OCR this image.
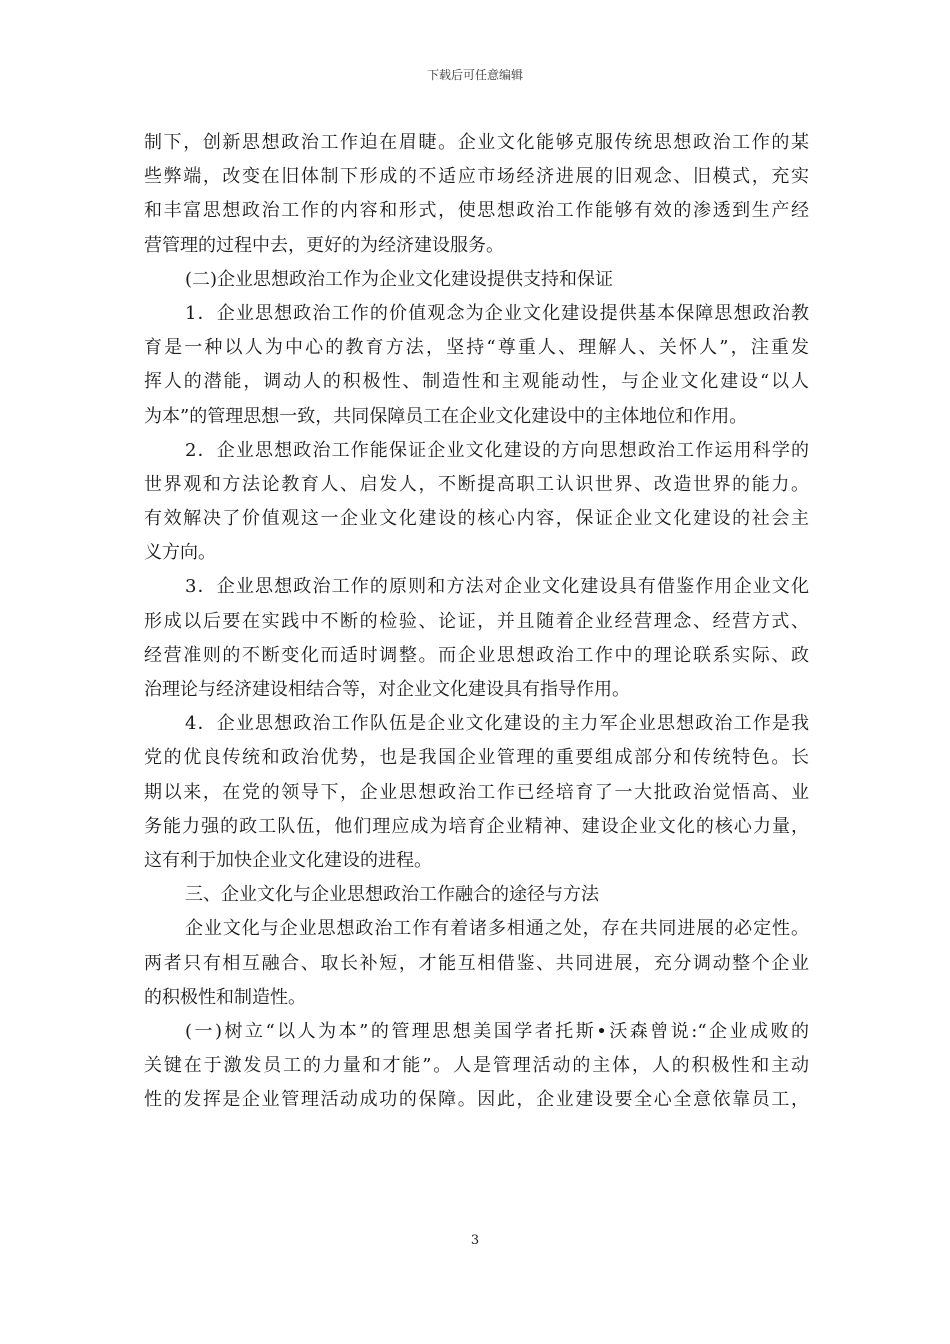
下载后可任意编辑
制下，创新思想政治工作迫在眉睫。企业文化能够克服传统思想政治工作的某
些弊端，改变在旧体制下形成的不适应市场经济进展的旧观念、旧模式，充实
和丰富思想政治工作的内容和形式，使思想政治工作能够有效的渗透到生产经
营管理的过程中去，更好的为经济建设服务。
(二)企业思想政治工作为企业文化建设提供支持和保证
1．企业思想政治工作的价值观念为企业文化建设提供基本保障思想政治教
育是一种以人为中心的教育方法，坚持“尊重人、理解人、关怀人”，注重发
挥人的潜能，调动人的积极性、制造性和主观能动性，与企业文化建设“以人
为本”的管理思想一致，共同保障员工在企业文化建设中的主体地位和作用。
2．企业思想政治工作能保证企业文化建设的方向思想政治工作运用科学的
世界观和方法论教育人、启发人，不断提高职工认识世界、改造世界的能力。
有效解决了价值观这一企业文化建设的核心内容，保证企业文化建设的社会主
义方向。
3．企业思想政治工作的原则和方法对企业文化建设具有借鉴作用企业文化
形成以后要在实践中不断的检验、论证，并且随着企业经营理念、经营方式、
经营准则的不断变化而适时调整。而企业思想政治工作中的理论联系实际、政
治理论与经济建设相结合等，对企业文化建设具有指导作用。
4．企业思想政治工作队伍是企业文化建设的主力军企业思想政治工作是我
党的优良传统和政治优势，也是我国企业管理的重要组成部分和传统特色。长
期以来，在党的领导下，企业思想政治工作已经培育了一大批政治觉悟高、业
务能力强的政工队伍，他们理应成为培育企业精神、建设企业文化的核心力量，
这有利于加快企业文化建设的进程。
三、企业文化与企业思想政治工作融合的途径与方法
企业文化与企业思想政治工作有着诸多相通之处，存在共同进展的必定性。
两者只有相互融合、取长补短，才能互相借鉴、共同进展，充分调动整个企业
的积极性和制造性。
(一)树立“以人为本”的管理思想美国学者托斯•沃森曾说:“企业成败的
关键在于激发员工的力量和才能”。人是管理活动的主体，人的积极性和主动
性的发挥是企业管理活动成功的保障。因此，企业建设要全心全意依靠员工，
3
